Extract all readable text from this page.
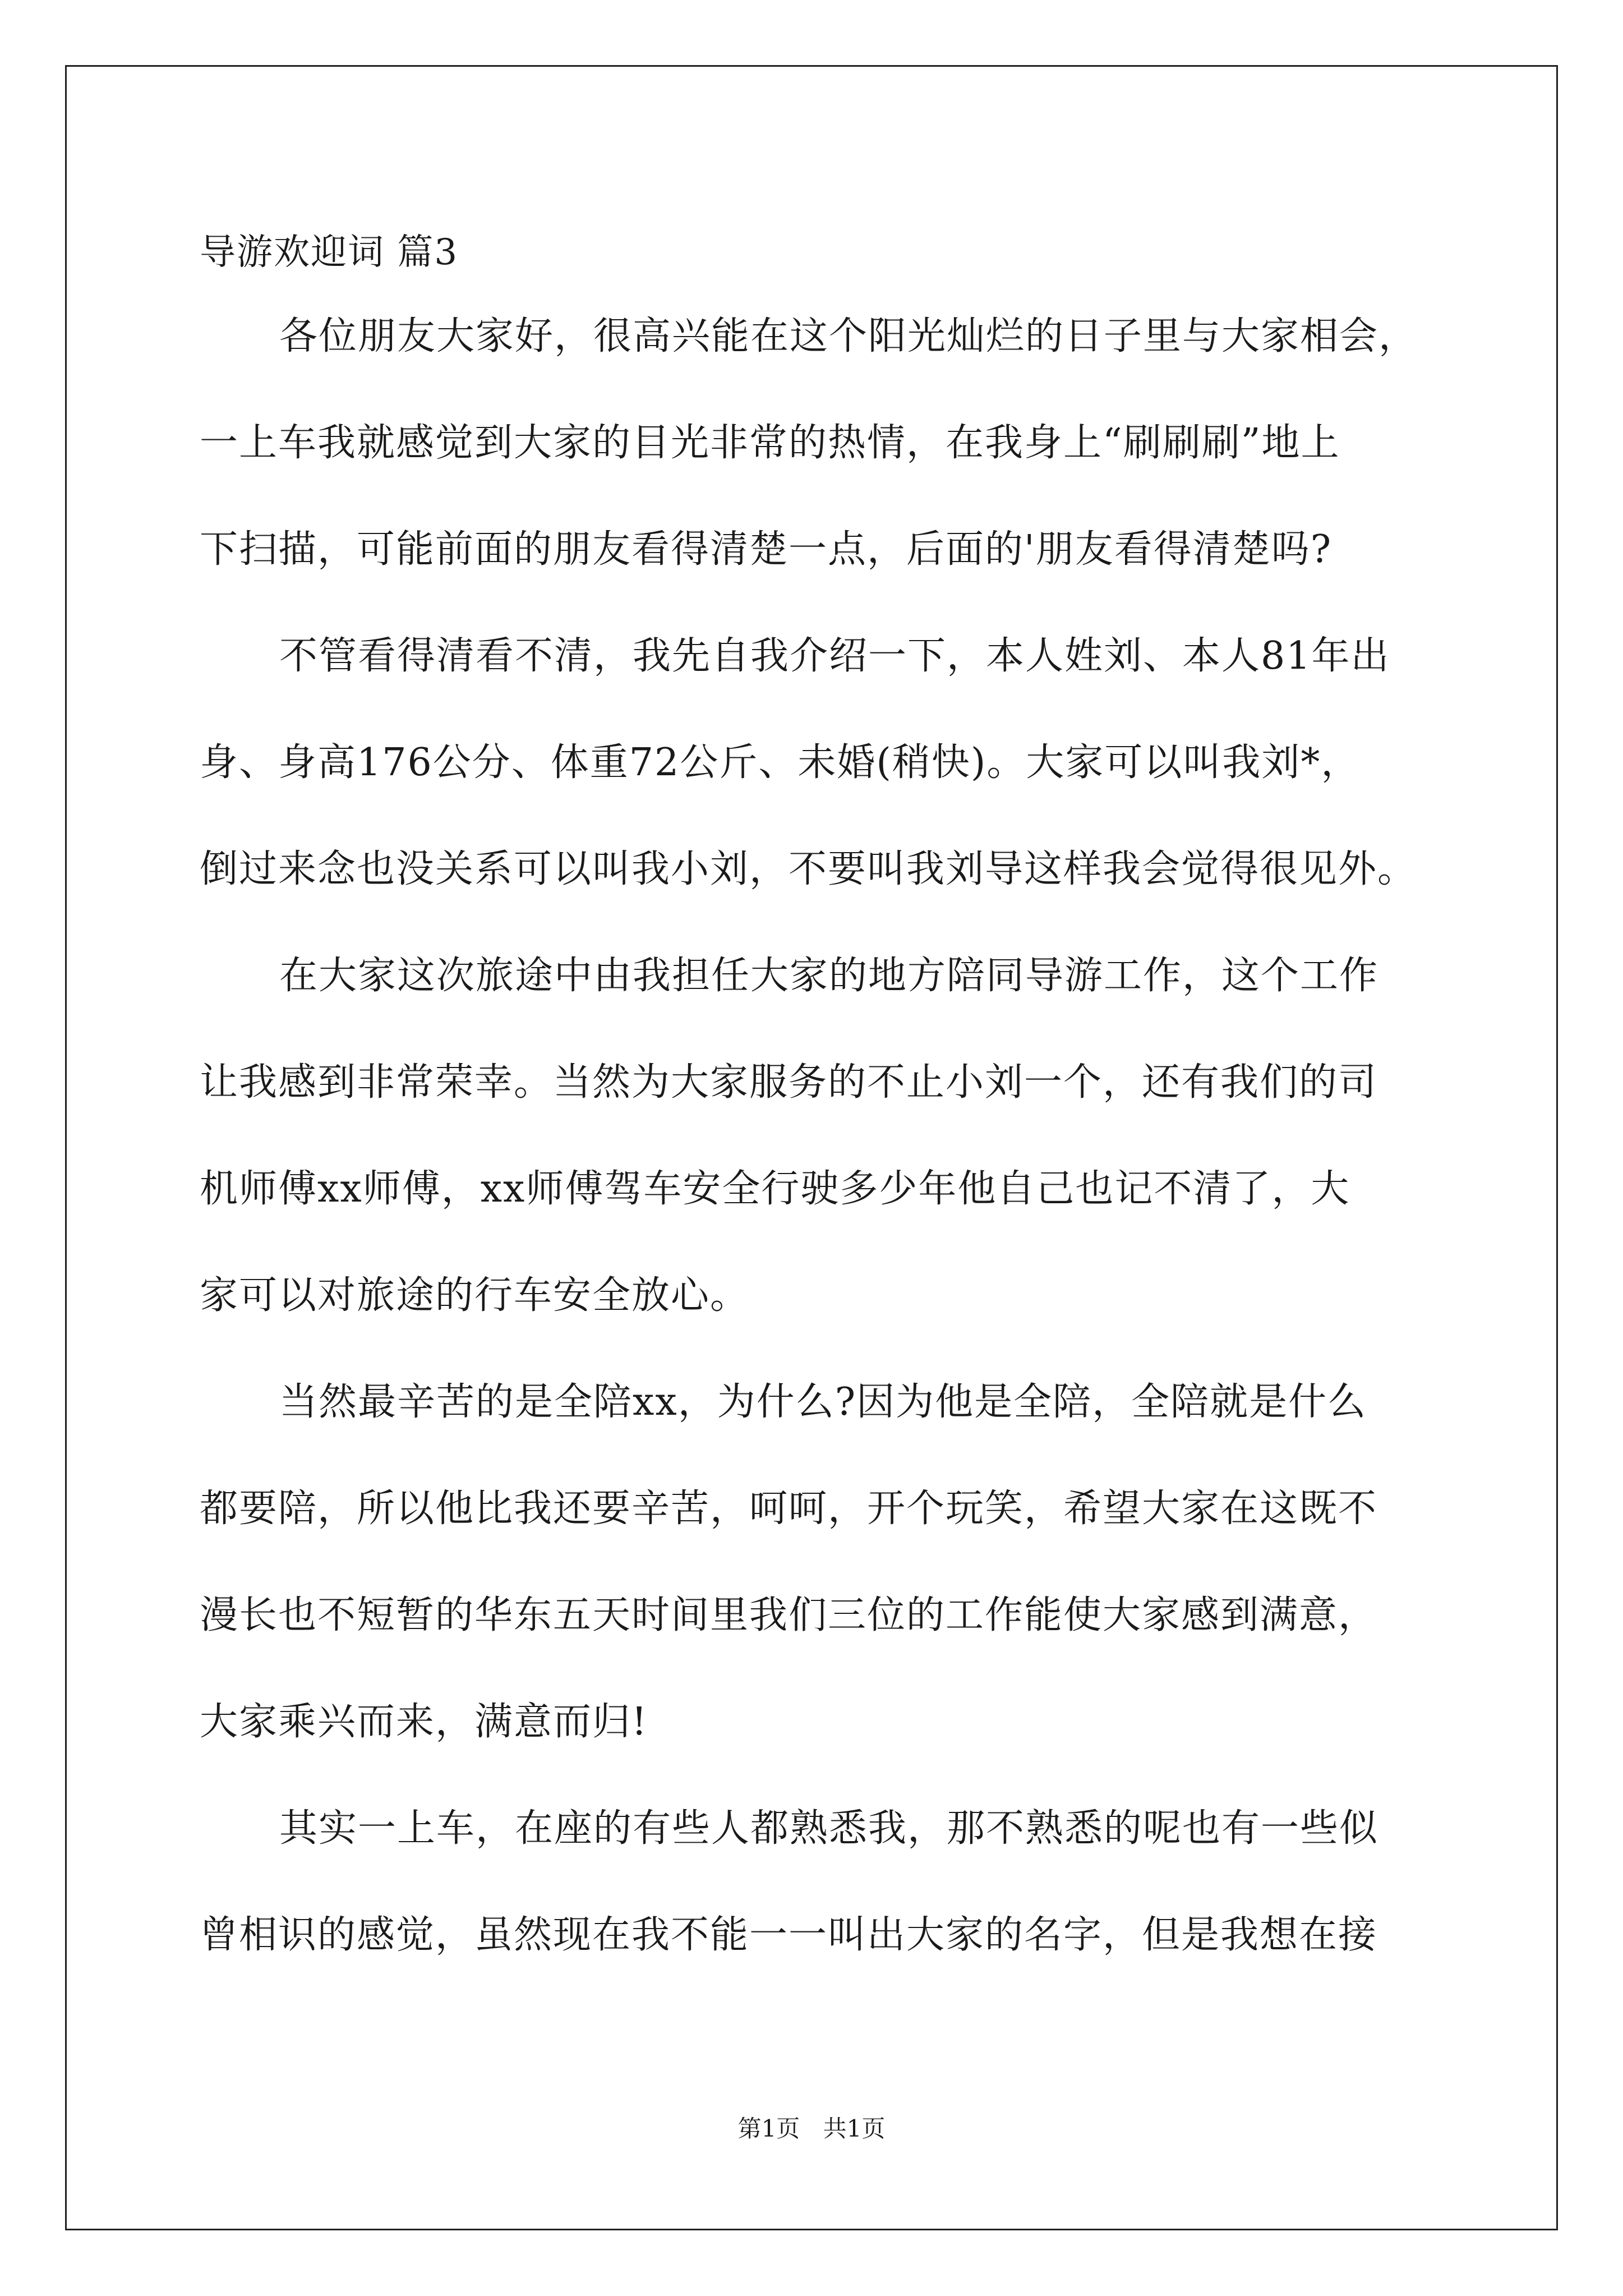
导游欢迎词 篇3
各位朋友大家好，很高兴能在这个阳光灿烂的日子里与大家相会，
一上车我就感觉到大家的目光非常的热情，在我身上“刷刷刷”地上
下扫描，可能前面的朋友看得清楚一点，后面的'朋友看得清楚吗?
不管看得清看不清，我先自我介绍一下，本人姓刘、本人81年出
身、身高176公分、体重72公斤、未婚(稍快)。大家可以叫我刘*，
倒过来念也没关系可以叫我小刘，不要叫我刘导这样我会觉得很见外。
在大家这次旅途中由我担任大家的地方陪同导游工作，这个工作
让我感到非常荣幸。当然为大家服务的不止小刘一个，还有我们的司
机师傅xx师傅，xx师傅驾车安全行驶多少年他自己也记不清了，大
家可以对旅途的行车安全放心。
当然最辛苦的是全陪xx，为什么?因为他是全陪，全陪就是什么
都要陪，所以他比我还要辛苦，呵呵，开个玩笑，希望大家在这既不
漫长也不短暂的华东五天时间里我们三位的工作能使大家感到满意，
大家乘兴而来，满意而归!
其实一上车，在座的有些人都熟悉我，那不熟悉的呢也有一些似
曾相识的感觉，虽然现在我不能一一叫出大家的名字，但是我想在接
第1页 共1页
